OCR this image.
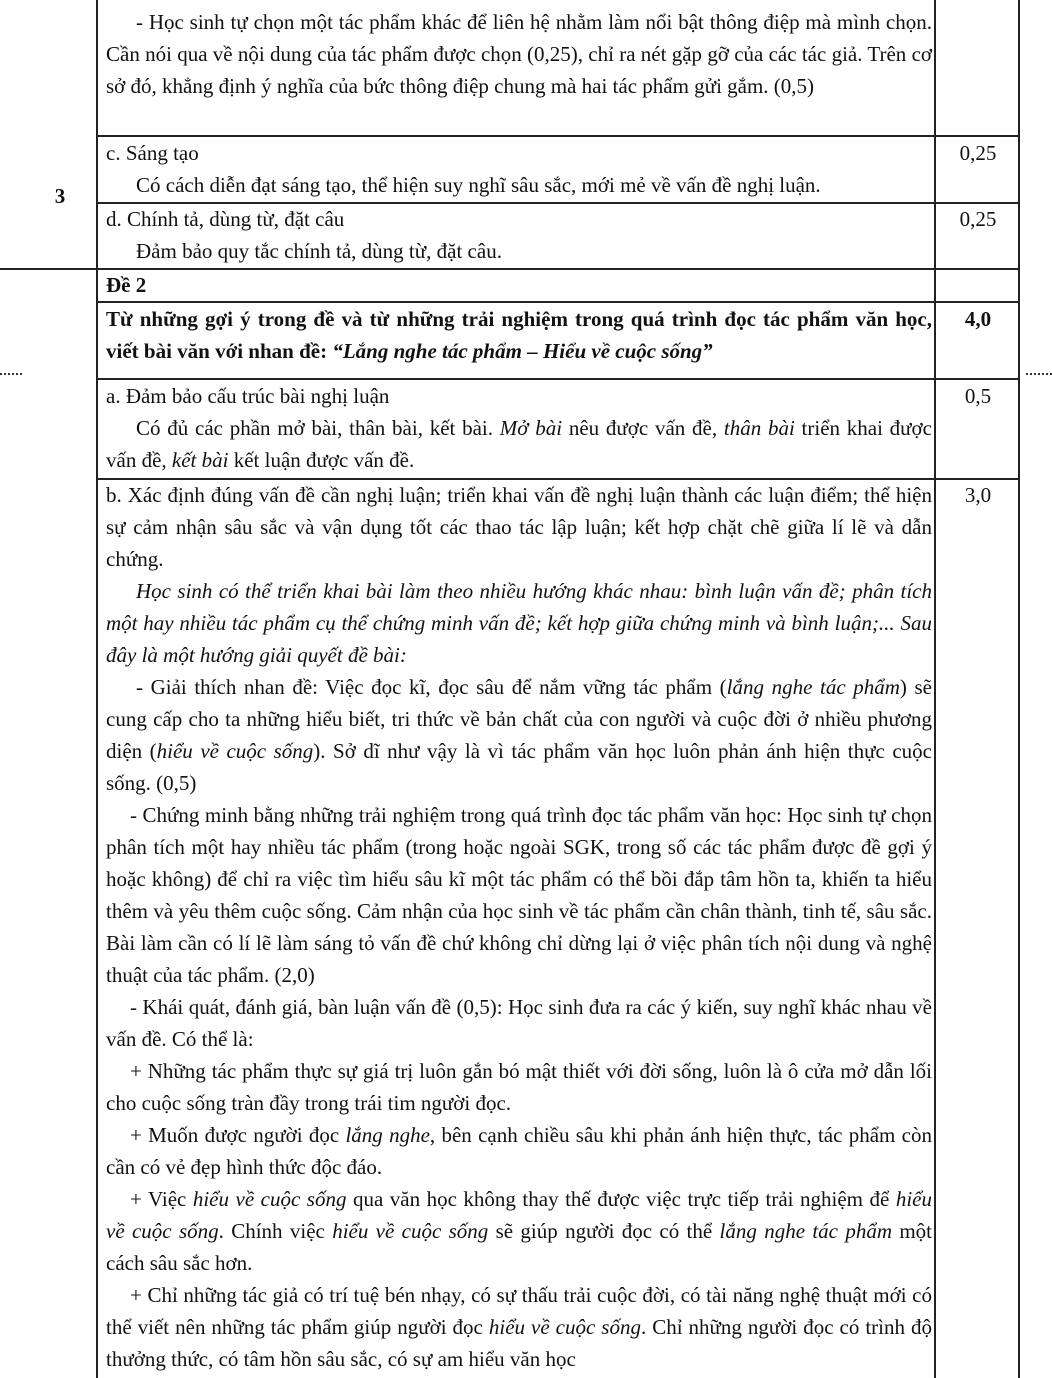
3

- Học sinh tự chọn một tác phẩm khác để liên hệ nhằm làm nổi bật thông điệp mà mình chọn. Cần nói qua về nội dung của tác phẩm được chọn (0,25), chỉ ra nét gặp gỡ của các tác giả. Trên cơ sở đó, khẳng định ý nghĩa của bức thông điệp chung mà hai tác phẩm gửi gắm. (0,5)

c. Sáng tạo

Có cách diễn đạt sáng tạo, thể hiện suy nghĩ sâu sắc, mới mẻ về vấn đề nghị luận.

0,25

d. Chính tả, dùng từ, đặt câu

Đảm bảo quy tắc chính tả, dùng từ, đặt câu.

0,25
Đề 2

Từ những gợi ý trong đề và từ những trải nghiệm trong quá trình đọc tác phẩm văn học, viết bài văn với nhan đề: “Lắng nghe tác phẩm – Hiểu về cuộc sống”

4,0

a. Đảm bảo cấu trúc bài nghị luận

Có đủ các phần mở bài, thân bài, kết bài. Mở bài nêu được vấn đề, thân bài triển khai được vấn đề, kết bài kết luận được vấn đề.

0,5

b. Xác định đúng vấn đề cần nghị luận; triển khai vấn đề nghị luận thành các luận điểm; thể hiện sự cảm nhận sâu sắc và vận dụng tốt các thao tác lập luận; kết hợp chặt chẽ giữa lí lẽ và dẫn chứng.

Học sinh có thể triển khai bài làm theo nhiều hướng khác nhau: bình luận vấn đề; phân tích một hay nhiều tác phẩm cụ thể chứng minh vấn đề; kết hợp giữa chứng minh và bình luận;... Sau đây là một hướng giải quyết đề bài:

- Giải thích nhan đề: Việc đọc kĩ, đọc sâu để nắm vững tác phẩm (lắng nghe tác phẩm) sẽ cung cấp cho ta những hiểu biết, tri thức về bản chất của con người và cuộc đời ở nhiều phương diện (hiểu về cuộc sống). Sở dĩ như vậy là vì tác phẩm văn học luôn phản ánh hiện thực cuộc sống. (0,5)

- Chứng minh bằng những trải nghiệm trong quá trình đọc tác phẩm văn học: Học sinh tự chọn phân tích một hay nhiều tác phẩm (trong hoặc ngoài SGK, trong số các tác phẩm được đề gợi ý hoặc không) để chỉ ra việc tìm hiểu sâu kĩ một tác phẩm có thể bồi đắp tâm hồn ta, khiến ta hiểu thêm và yêu thêm cuộc sống. Cảm nhận của học sinh về tác phẩm cần chân thành, tinh tế, sâu sắc. Bài làm cần có lí lẽ làm sáng tỏ vấn đề chứ không chỉ dừng lại ở việc phân tích nội dung và nghệ thuật của tác phẩm. (2,0)

- Khái quát, đánh giá, bàn luận vấn đề (0,5): Học sinh đưa ra các ý kiến, suy nghĩ khác nhau về vấn đề. Có thể là:

+ Những tác phẩm thực sự giá trị luôn gắn bó mật thiết với đời sống, luôn là ô cửa mở dẫn lối cho cuộc sống tràn đầy trong trái tim người đọc.

+ Muốn được người đọc lắng nghe, bên cạnh chiều sâu khi phản ánh hiện thực, tác phẩm còn cần có vẻ đẹp hình thức độc đáo.

+ Việc hiểu về cuộc sống qua văn học không thay thế được việc trực tiếp trải nghiệm để hiểu về cuộc sống. Chính việc hiểu về cuộc sống sẽ giúp người đọc có thể lắng nghe tác phẩm một cách sâu sắc hơn.

+ Chỉ những tác giả có trí tuệ bén nhạy, có sự thấu trải cuộc đời, có tài năng nghệ thuật mới có thể viết nên những tác phẩm giúp người đọc hiểu về cuộc sống. Chỉ những người đọc có trình độ thưởng thức, có tâm hồn sâu sắc, có sự am hiểu văn học

3,0
